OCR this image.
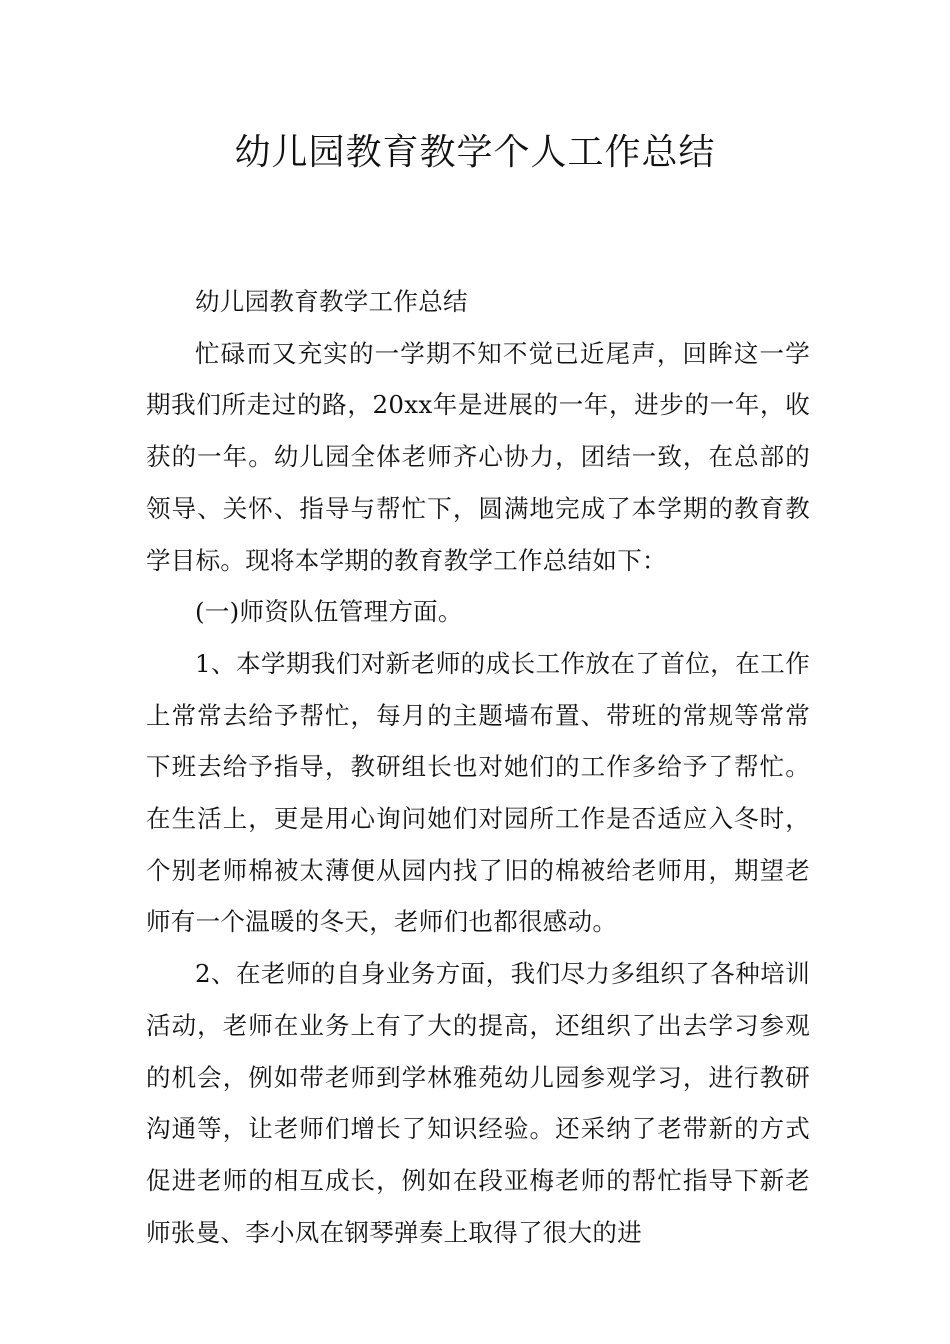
幼儿园教育教学个人工作总结

幼儿园教育教学工作总结

忙碌而又充实的一学期不知不觉已近尾声，回眸这一学期我们所走过的路，20xx年是进展的一年，进步的一年，收获的一年。幼儿园全体老师齐心协力，团结一致，在总部的领导、关怀、指导与帮忙下，圆满地完成了本学期的教育教学目标。现将本学期的教育教学工作总结如下：

(一)师资队伍管理方面。

1、本学期我们对新老师的成长工作放在了首位，在工作上常常去给予帮忙，每月的主题墙布置、带班的常规等常常下班去给予指导，教研组长也对她们的工作多给予了帮忙。在生活上，更是用心询问她们对园所工作是否适应入冬时，个别老师棉被太薄便从园内找了旧的棉被给老师用，期望老师有一个温暖的冬天，老师们也都很感动。

2、在老师的自身业务方面，我们尽力多组织了各种培训活动，老师在业务上有了大的提高，还组织了出去学习参观的机会，例如带老师到学林雅苑幼儿园参观学习，进行教研沟通等，让老师们增长了知识经验。还采纳了老带新的方式促进老师的相互成长，例如在段亚梅老师的帮忙指导下新老师张曼、李小凤在钢琴弹奏上取得了很大的进
